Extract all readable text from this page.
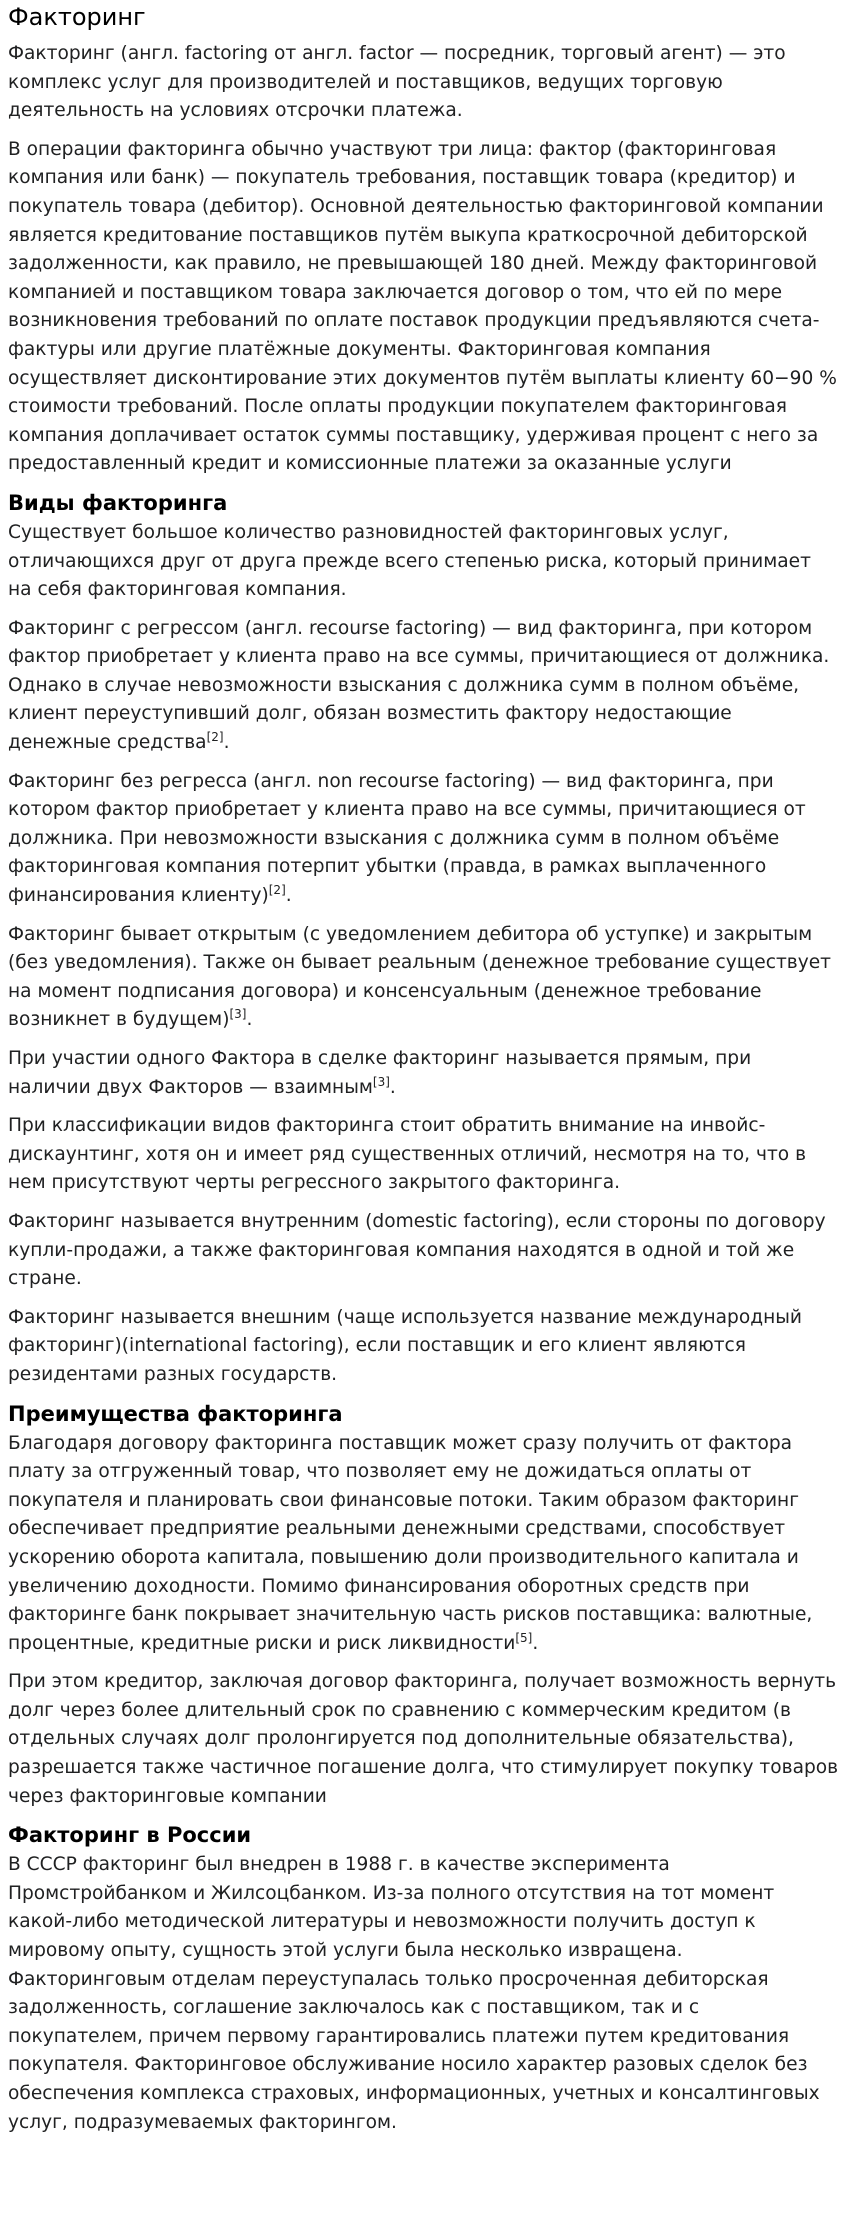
Факторинг

Факторинг (англ. factoring от англ. factor — посредник, торговый агент) — это комплекс услуг для производителей и поставщиков, ведущих торговую деятельность на условиях отсрочки платежа.

В операции факторинга обычно участвуют три лица: фактор (факторинговая компания или банк) — покупатель требования, поставщик товара (кредитор) и покупатель товара (дебитор). Основной деятельностью факторинговой компании является кредитование поставщиков путём выкупа краткосрочной дебиторской задолженности, как правило, не превышающей 180 дней. Между факторинговой компанией и поставщиком товара заключается договор о том, что ей по мере возникновения требований по оплате поставок продукции предъявляются счета-фактуры или другие платёжные документы. Факторинговая компания осуществляет дисконтирование этих документов путём выплаты клиенту 60−90 % стоимости требований. После оплаты продукции покупателем факторинговая компания доплачивает остаток суммы поставщику, удерживая процент с него за предоставленный кредит и комиссионные платежи за оказанные услуги

Виды факторинга

Существует большое количество разновидностей факторинговых услуг, отличающихся друг от друга прежде всего степенью риска, который принимает на себя факторинговая компания.

Факторинг с регрессом (англ. recourse factoring) — вид факторинга, при котором фактор приобретает у клиента право на все суммы, причитающиеся от должника. Однако в случае невозможности взыскания с должника сумм в полном объёме, клиент переуступивший долг, обязан возместить фактору недостающие денежные средства[2].

Факторинг без регресса (англ. non recourse factoring) — вид факторинга, при котором фактор приобретает у клиента право на все суммы, причитающиеся от должника. При невозможности взыскания с должника сумм в полном объёме факторинговая компания потерпит убытки (правда, в рамках выплаченного финансирования клиенту)[2].

Факторинг бывает открытым (с уведомлением дебитора об уступке) и закрытым (без уведомления). Также он бывает реальным (денежное требование существует на момент подписания договора) и консенсуальным (денежное требование возникнет в будущем)[3].

При участии одного Фактора в сделке факторинг называется прямым, при наличии двух Факторов — взаимным[3].

При классификации видов факторинга стоит обратить внимание на инвойс-дискаунтинг, хотя он и имеет ряд существенных отличий, несмотря на то, что в нем присутствуют черты регрессного закрытого факторинга.

Факторинг называется внутренним (domestic factoring), если стороны по договору купли-продажи, а также факторинговая компания находятся в одной и той же стране.

Факторинг называется внешним (чаще используется название международный факторинг)(international factoring), если поставщик и его клиент являются резидентами разных государств.

Преимущества факторинга

Благодаря договору факторинга поставщик может сразу получить от фактора плату за отгруженный товар, что позволяет ему не дожидаться оплаты от покупателя и планировать свои финансовые потоки. Таким образом факторинг обеспечивает предприятие реальными денежными средствами, способствует ускорению оборота капитала, повышению доли производительного капитала и увеличению доходности. Помимо финансирования оборотных средств при факторинге банк покрывает значительную часть рисков поставщика: валютные, процентные, кредитные риски и риск ликвидности[5].

При этом кредитор, заключая договор факторинга, получает возможность вернуть долг через более длительный срок по сравнению с коммерческим кредитом (в отдельных случаях долг пролонгируется под дополнительные обязательства), разрешается также частичное погашение долга, что стимулирует покупку товаров через факторинговые компании

Факторинг в России

В СССР факторинг был внедрен в 1988 г. в качестве эксперимента Промстройбанком и Жилсоцбанком. Из-за полного отсутствия на тот момент какой-либо методической литературы и невозможности получить доступ к мировому опыту, сущность этой услуги была несколько извращена. Факторинговым отделам переуступалась только просроченная дебиторская задолженность, соглашение заключалось как с поставщиком, так и с покупателем, причем первому гарантировались платежи путем кредитования покупателя. Факторинговое обслуживание носило характер разовых сделок без обеспечения комплекса страховых, информационных, учетных и консалтинговых услуг, подразумеваемых факторингом.
